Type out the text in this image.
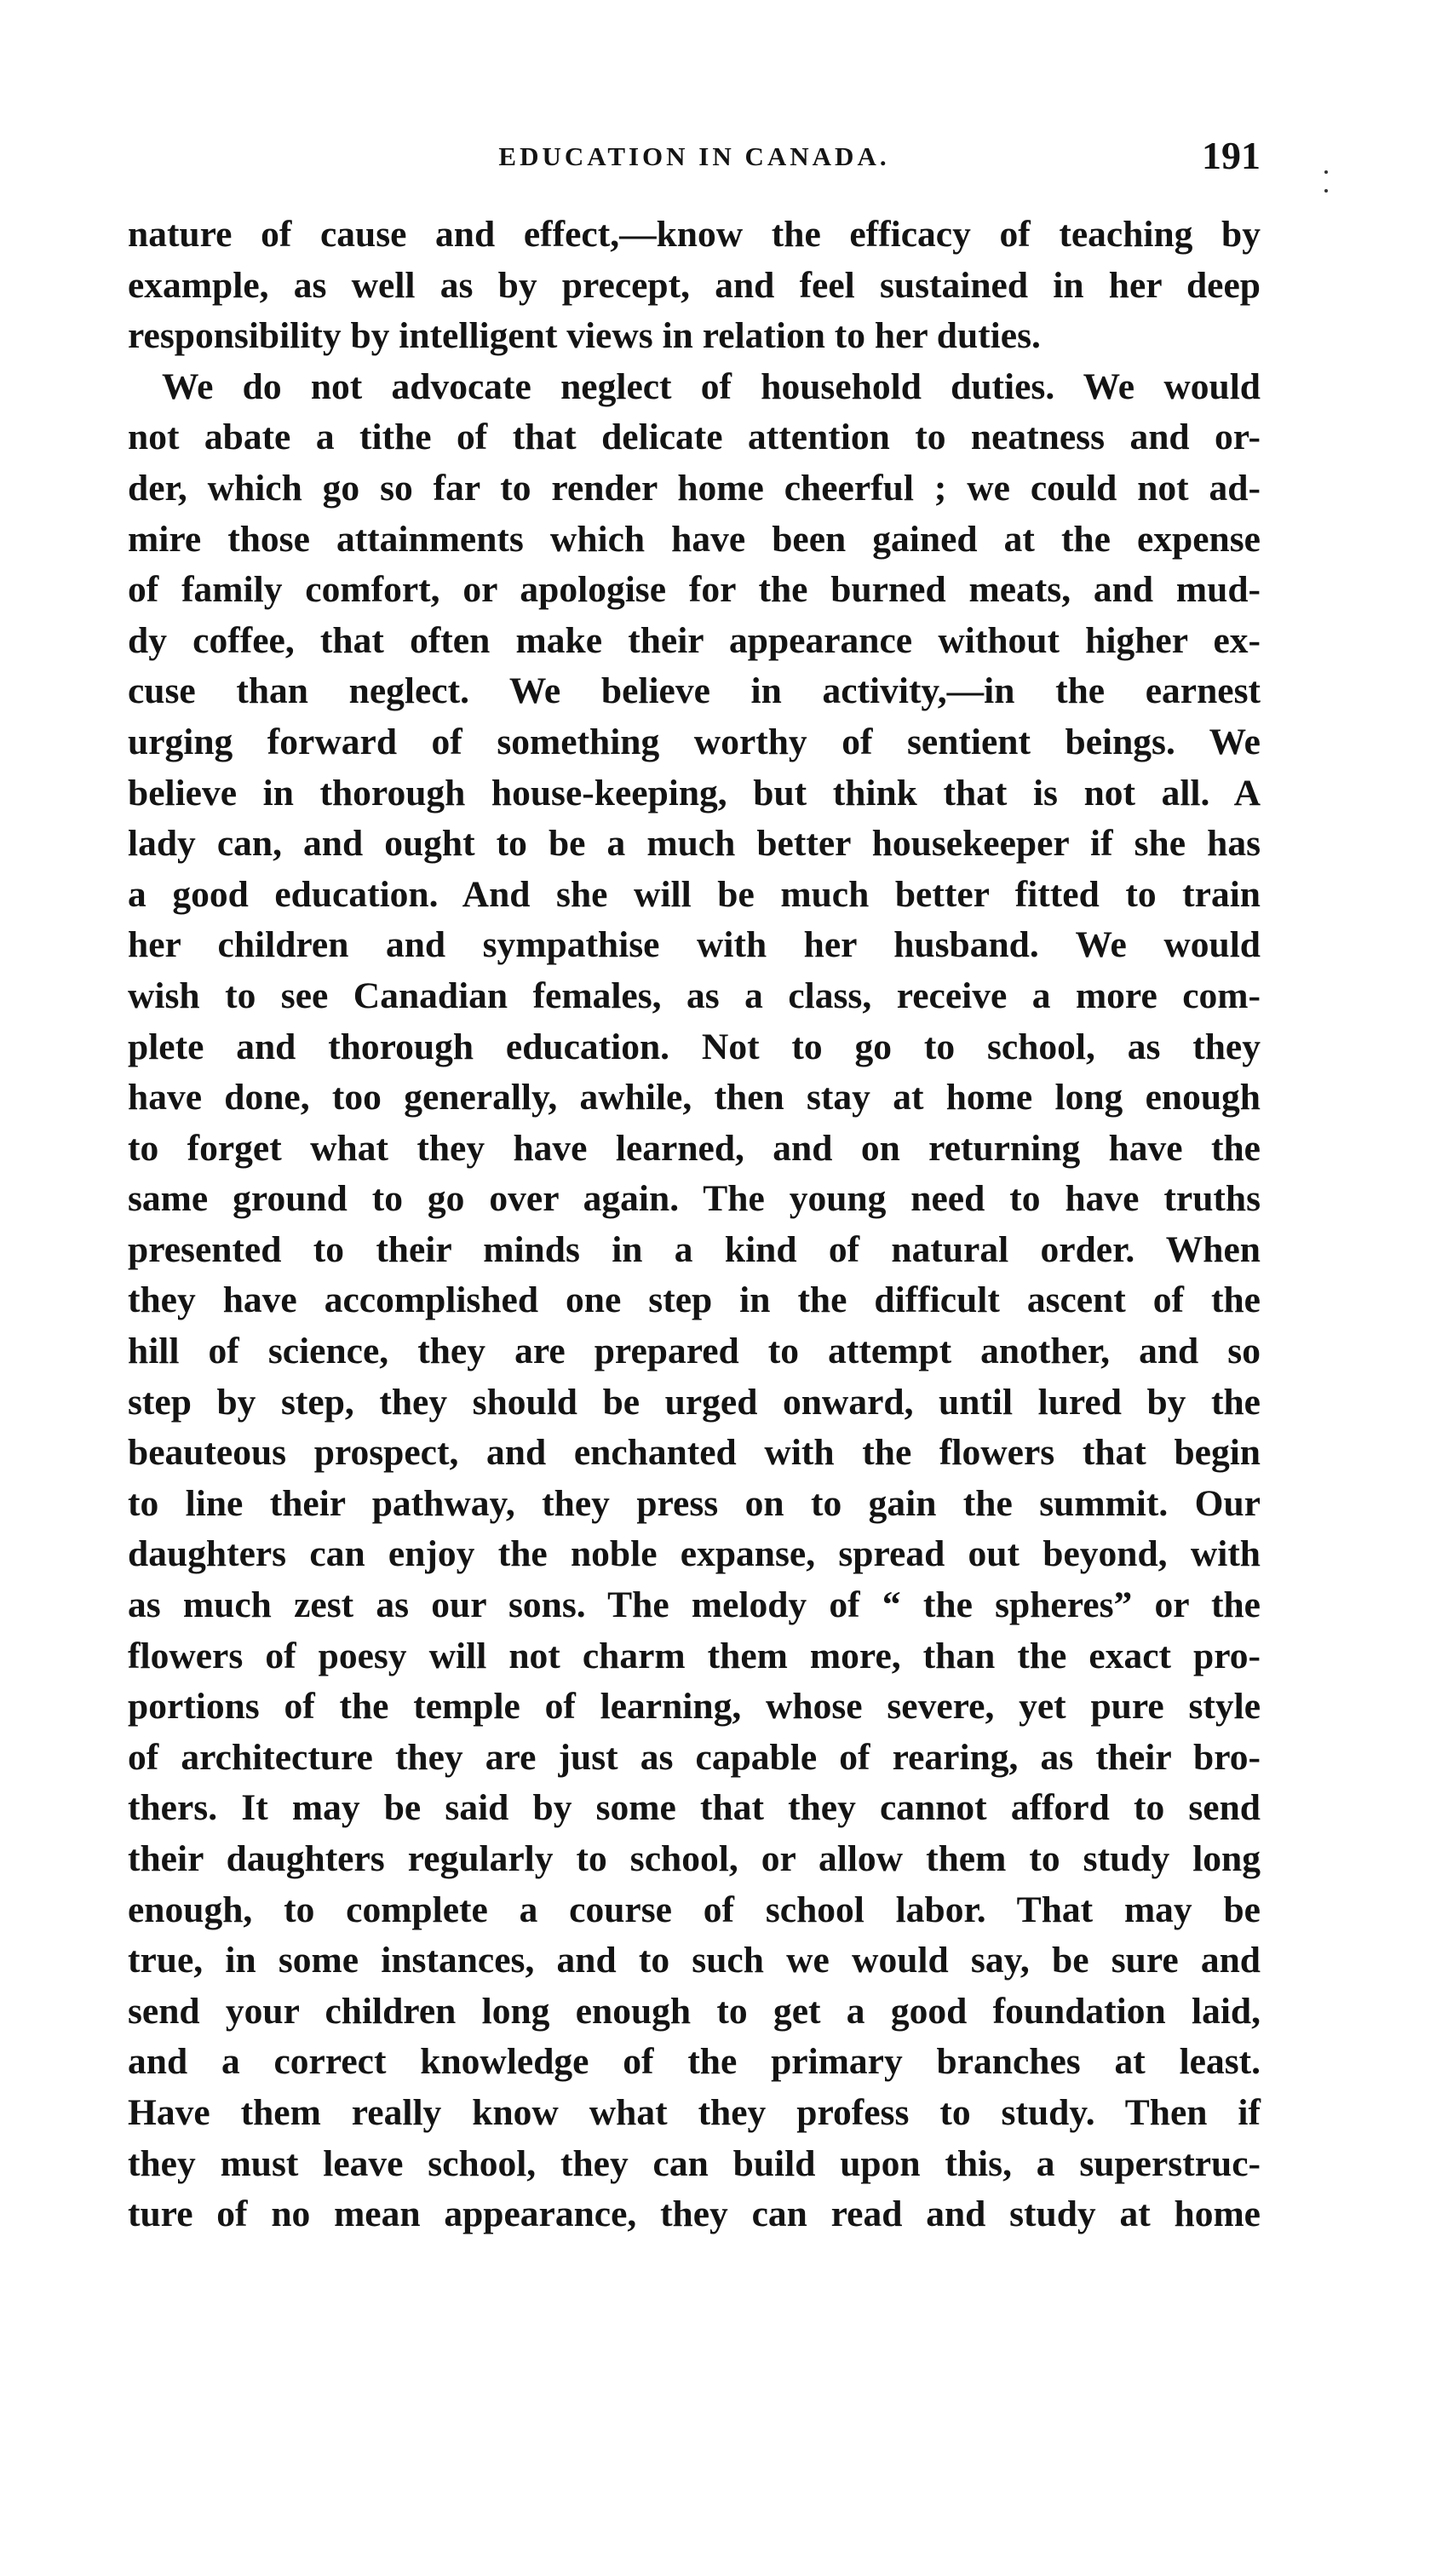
EDUCATION IN CANADA.	191
nature of cause and effect,—know the efficacy of teaching by
example, as well as by precept, and feel sustained in her deep
responsibility by intelligent views in relation to her duties.
We do not advocate neglect of household duties. We would
not abate a tithe of that delicate attention to neatness and or-
der, which go so far to render home cheerful ; we could not ad-
mire those attainments which have been gained at the expense
of family comfort, or apologise for the burned meats, and mud-
dy coffee, that often make their appearance without higher ex-
cuse than neglect. We believe in activity,—in the earnest
urging forward of something worthy of sentient beings. We
believe in thorough house-keeping, but think that is not all. A
lady can, and ought to be a much better housekeeper if she has
a good education. And she will be much better fitted to train
her children and sympathise with her husband. We would
wish to see Canadian females, as a class, receive a more com-
plete and thorough education. Not to go to school, as they
have done, too generally, awhile, then stay at home long enough
to forget what they have learned, and on returning have the
same ground to go over again. The young need to have truths
presented to their minds in a kind of natural order. When
they have accomplished one step in the difficult ascent of the
hill of science, they are prepared to attempt another, and so
step by step, they should be urged onward, until lured by the
beauteous prospect, and enchanted with the flowers that begin
to line their pathway, they press on to gain the summit. Our
daughters can enjoy the noble expanse, spread out beyond, with
as much zest as our sons. The melody of “ the spheres” or the
flowers of poesy will not charm them more, than the exact pro-
portions of the temple of learning, whose severe, yet pure style
of architecture they are just as capable of rearing, as their bro-
thers. It may be said by some that they cannot afford to send
their daughters regularly to school, or allow them to study long
enough, to complete a course of school labor. That may be
true, in some instances, and to such we would say, be sure and
send your children long enough to get a good foundation laid,
and a correct knowledge of the primary branches at least.
Have them really know what they profess to study. Then if
they must leave school, they can build upon this, a superstruc-
ture of no mean appearance, they can read and study at home
